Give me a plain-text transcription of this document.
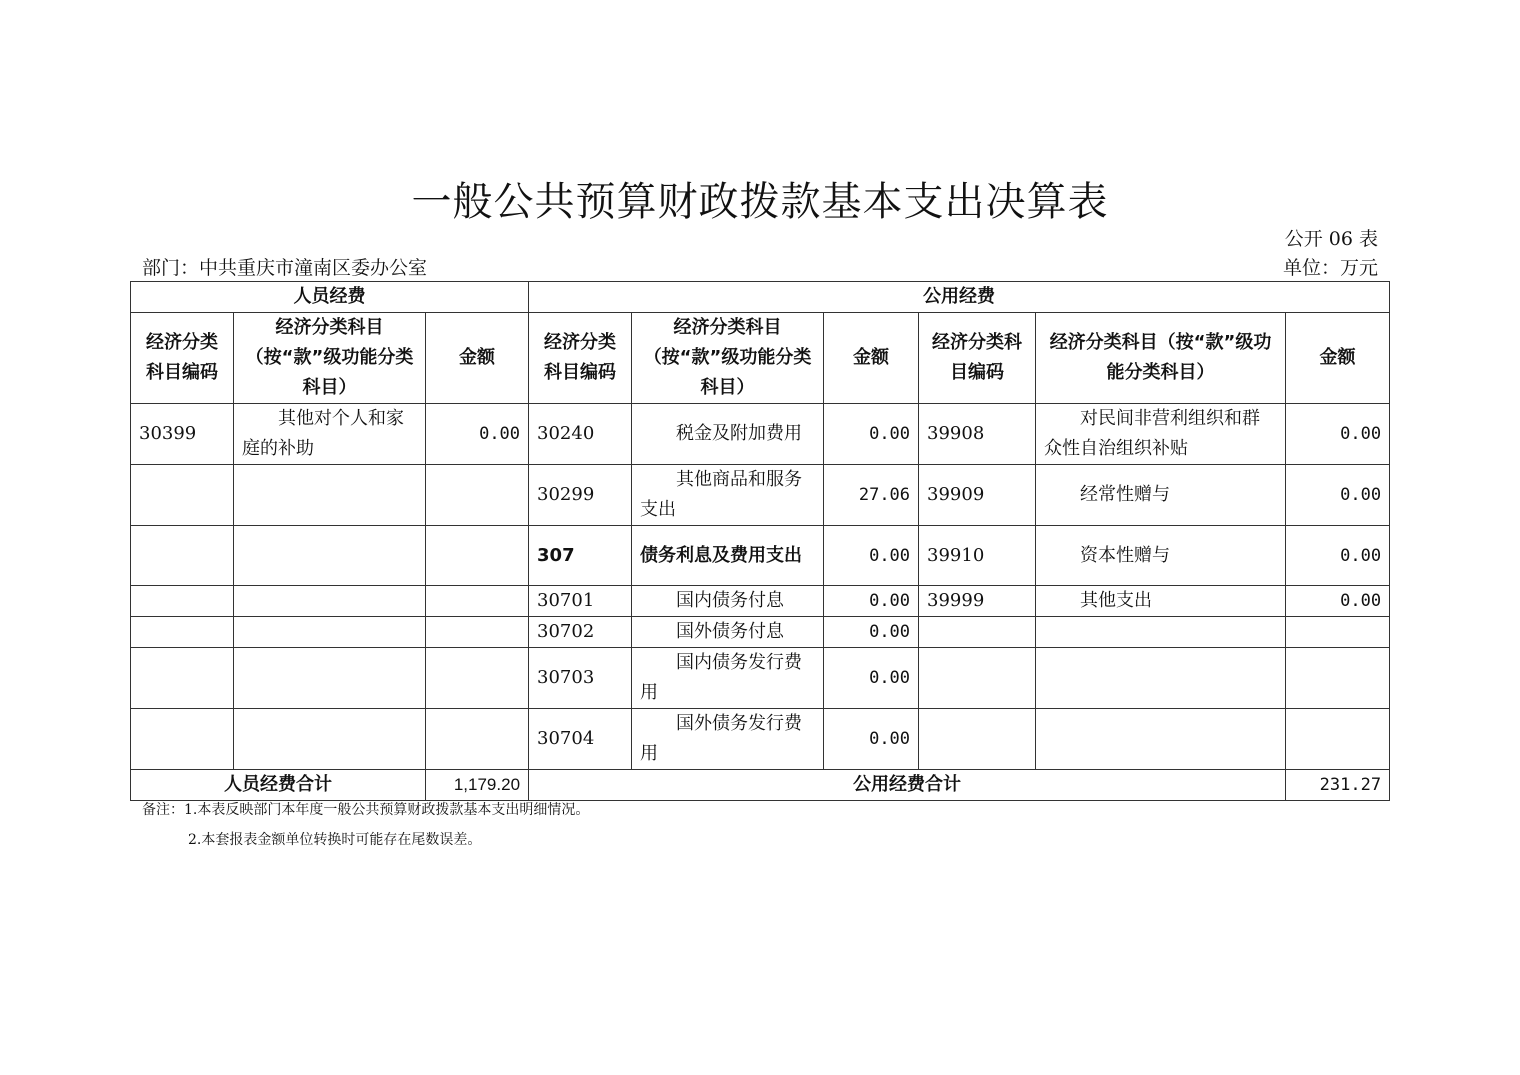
一般公共预算财政拨款基本支出决算表
公开 06 表
部门：中共重庆市潼南区委办公室	单位：万元
人员经费			公用经费					
经济分类科目编码	经济分类科目（按“款”级功能分类科目）	金额	经济分类科目编码	经济分类科目（按“款”级功能分类科目）	金额	经济分类科目编码	经济分类科目（按“款”级功能分类科目）	金额
30399	其他对个人和家庭的补助	0.00	30240	税金及附加费用	0.00	39908	对民间非营利组织和群众性自治组织补贴	0.00
			30299	其他商品和服务支出	27.06	39909	经常性赠与	0.00
			307	债务利息及费用支出	0.00	39910	资本性赠与	0.00
			30701	国内债务付息	0.00	39999	其他支出	0.00
			30702	国外债务付息	0.00			
			30703	国内债务发行费用	0.00			
			30704	国外债务发行费用	0.00			
人员经费合计		1,179.20	公用经费合计					231.27
备注：1.本表反映部门本年度一般公共预算财政拨款基本支出明细情况。
2.本套报表金额单位转换时可能存在尾数误差。
